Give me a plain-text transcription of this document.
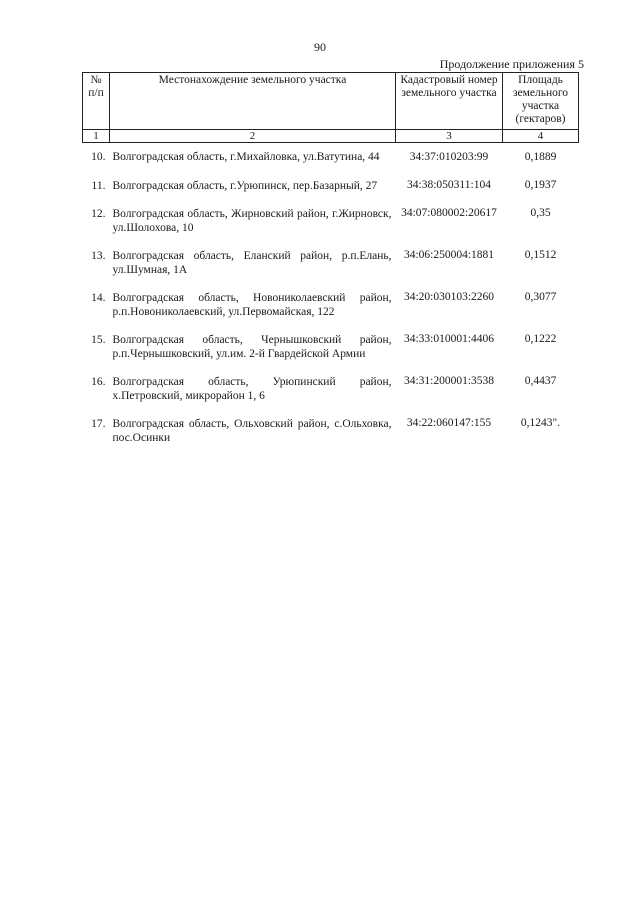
90
Продолжение приложения 5
№ п/п	Местонахождение земельного участка	Кадастровый номер земельного участка	Площадь земельного участка (гектаров)
1	2	3	4
10.	Волгоградская область, г.Михайловка, ул.Ватутина, 44	34:37:010203:99	0,1889
11.	Волгоградская область, г.Урюпинск, пер.Базарный, 27	34:38:050311:104	0,1937
12.	Волгоградская область, Жирновский район, г.Жирновск, ул.Шолохова, 10	34:07:080002:20617	0,35
13.	Волгоградская область, Еланский район, р.п.Елань, ул.Шумная, 1А	34:06:250004:1881	0,1512
14.	Волгоградская область, Новониколаевский район, р.п.Новониколаевский, ул.Первомайская, 122	34:20:030103:2260	0,3077
15.	Волгоградская область, Чернышковский район, р.п.Чернышковский, ул.им. 2-й Гвардейской Армии	34:33:010001:4406	0,1222
16.	Волгоградская область, Урюпинский район, х.Петровский, микрорайон 1, 6	34:31:200001:3538	0,4437
17.	Волгоградская область, Ольховский район, с.Ольховка, пос.Осинки	34:22:060147:155	0,1243".
